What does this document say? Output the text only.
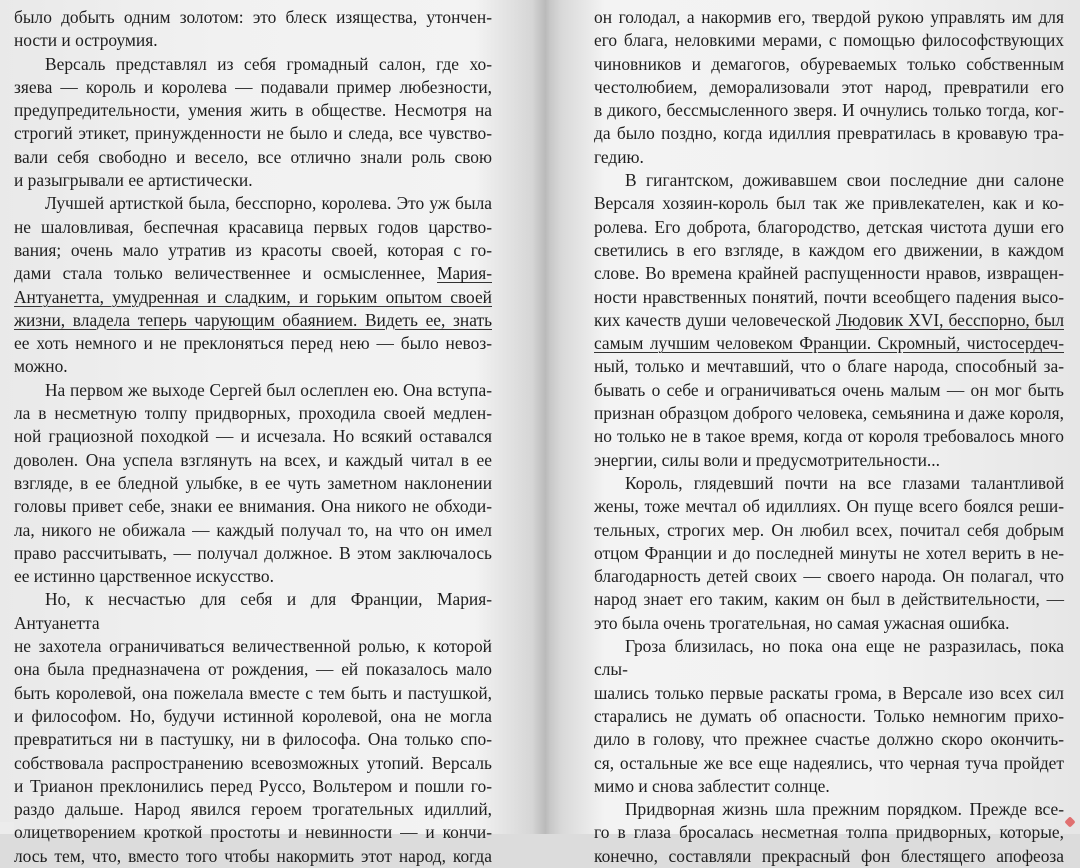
было добыть одним золотом: это блеск изящества, утончен-
ности и остроумия.
Версаль представлял из себя громадный салон, где хо-
зяева — король и королева — подавали пример любезности,
предупредительности, умения жить в обществе. Несмотря на
строгий этикет, принужденности не было и следа, все чувство-
вали себя свободно и весело, все отлично знали роль свою
и разыгрывали ее артистически.
Лучшей артисткой была, бесспорно, королева. Это уж была
не шаловливая, беспечная красавица первых годов царство-
вания; очень мало утратив из красоты своей, которая с го-
дами стала только величественнее и осмысленнее, Мария-
Антуанетта, умудренная и сладким, и горьким опытом своей
жизни, владела теперь чарующим обаянием. Видеть ее, знать
ее хоть немного и не преклоняться перед нею — было невоз-
можно.
На первом же выходе Сергей был ослеплен ею. Она вступа-
ла в несметную толпу придворных, проходила своей медлен-
ной грациозной походкой — и исчезала. Но всякий оставался
доволен. Она успела взглянуть на всех, и каждый читал в ее
взгляде, в ее бледной улыбке, в ее чуть заметном наклонении
головы привет себе, знаки ее внимания. Она никого не обходи-
ла, никого не обижала — каждый получал то, на что он имел
право рассчитывать, — получал должное. В этом заключалось
ее истинно царственное искусство.
Но, к несчастью для себя и для Франции, Мария-Антуанетта
не захотела ограничиваться величественной ролью, к которой
она была предназначена от рождения, — ей показалось мало
быть королевой, она пожелала вместе с тем быть и пастушкой,
и философом. Но, будучи истинной королевой, она не могла
превратиться ни в пастушку, ни в философа. Она только спо-
собствовала распространению всевозможных утопий. Версаль
и Трианон преклонились перед Руссо, Вольтером и пошли го-
раздо дальше. Народ явился героем трогательных идиллий,
олицетворением кроткой простоты и невинности — и кончи-
лось тем, что, вместо того чтобы накормить этот народ, когда
он голодал, а накормив его, твердой рукою управлять им для
его блага, неловкими мерами, с помощью философствующих
чиновников и демагогов, обуреваемых только собственным
честолюбием, деморализовали этот народ, превратили его
в дикого, бессмысленного зверя. И очнулись только тогда, ког-
да было поздно, когда идиллия превратилась в кровавую тра-
гедию.
В гигантском, доживавшем свои последние дни салоне
Версаля хозяин-король был так же привлекателен, как и ко-
ролева. Его доброта, благородство, детская чистота души его
светились в его взгляде, в каждом его движении, в каждом
слове. Во времена крайней распущенности нравов, извращен-
ности нравственных понятий, почти всеобщего падения высо-
ких качеств души человеческой Людовик XVI, бесспорно, был
самым лучшим человеком Франции. Скромный, чистосердеч-
ный, только и мечтавший, что о благе народа, способный за-
бывать о себе и ограничиваться очень малым — он мог быть
признан образцом доброго человека, семьянина и даже короля,
но только не в такое время, когда от короля требовалось много
энергии, силы воли и предусмотрительности...
Король, глядевший почти на все глазами талантливой
жены, тоже мечтал об идиллиях. Он пуще всего боялся реши-
тельных, строгих мер. Он любил всех, почитал себя добрым
отцом Франции и до последней минуты не хотел верить в не-
благодарность детей своих — своего народа. Он полагал, что
народ знает его таким, каким он был в действительности, —
это была очень трогательная, но самая ужасная ошибка.
Гроза близилась, но пока она еще не разразилась, пока слы-
шались только первые раскаты грома, в Версале изо всех сил
старались не думать об опасности. Только немногим прихо-
дило в голову, что прежнее счастье должно скоро окончить-
ся, остальные же все еще надеялись, что черная туча пройдет
мимо и снова заблестит солнце.
Придворная жизнь шла прежним порядком. Прежде все-
го в глаза бросалась несметная толпа придворных, которые,
конечно, составляли прекрасный фон блестящего апофеоза
